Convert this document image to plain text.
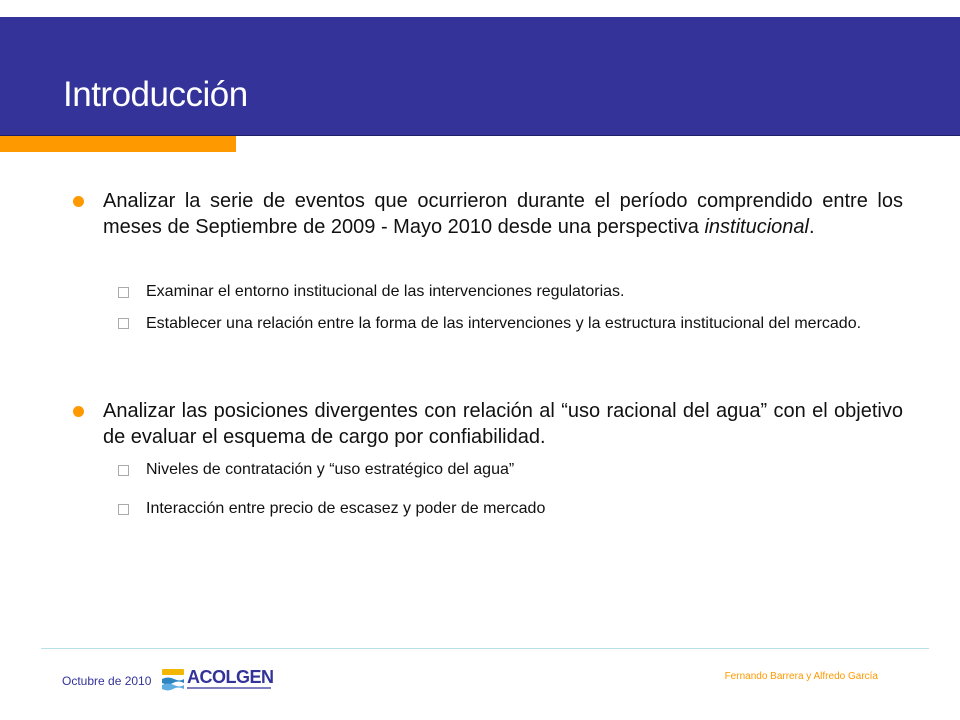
Introducción

Analizar la serie de eventos que ocurrieron durante el período comprendido entre los meses de Septiembre de 2009 - Mayo 2010 desde una perspectiva institucional.

Examinar el entorno institucional de las intervenciones regulatorias.

Establecer una relación entre la forma de las intervenciones y la estructura institucional del mercado.

Analizar las posiciones divergentes con relación al “uso racional del agua” con el objetivo de evaluar el esquema de cargo por confiabilidad.

Niveles de contratación y “uso estratégico del agua”

Interacción entre precio de escasez y poder de mercado

Octubre de 2010 ACOLGEN	Fernando Barrera y Alfredo García
